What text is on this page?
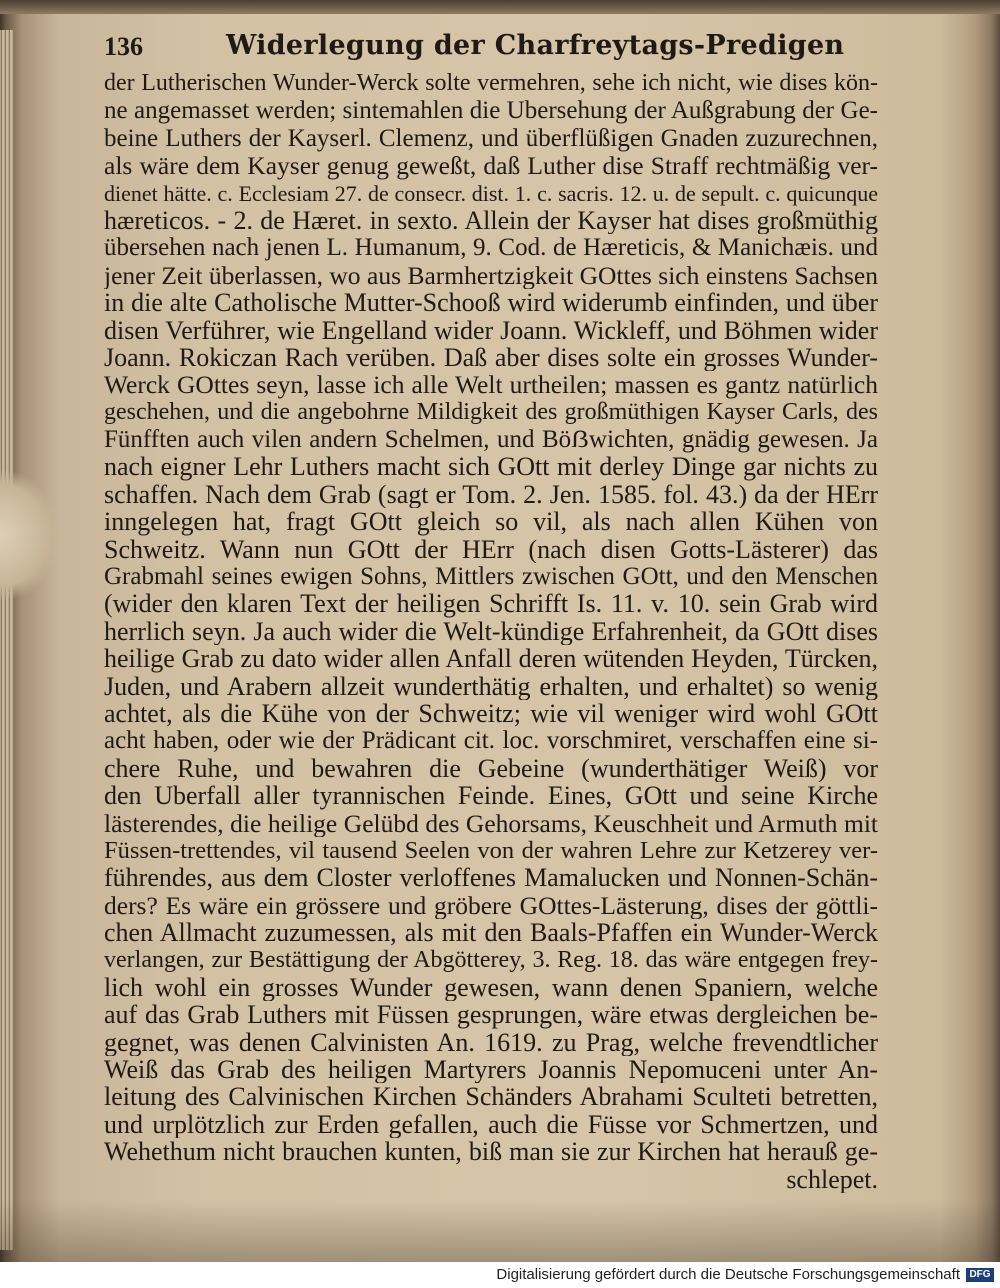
136	Widerlegung der Charfreytags-Predigen
der Lutherischen Wunder-Werck solte vermehren, sehe ich nicht, wie dises kön-
ne angemasset werden; sintemahlen die Ubersehung der Außgrabung der Ge-
beine Luthers der Kayserl. Clemenz, und überflüßigen Gnaden zuzurechnen,
als wäre dem Kayser genug geweßt, daß Luther dise Straff rechtmäßig ver-
dienet hätte. c. Ecclesiam 27. de consecr. dist. 1. c. sacris. 12. u. de sepult. c. quicunque
hæreticos. - 2. de Hæret. in sexto. Allein der Kayser hat dises großmüthig
übersehen nach jenen L. Humanum, 9. Cod. de Hæreticis, & Manichæis. und
jener Zeit überlassen, wo aus Barmhertzigkeit GOttes sich einstens Sachsen
in die alte Catholische Mutter-Schooß wird widerumb einfinden, und über
disen Verführer, wie Engelland wider Joann. Wickleff, und Böhmen wider
Joann. Rokiczan Rach verüben. Daß aber dises solte ein grosses Wunder-
Werck GOttes seyn, lasse ich alle Welt urtheilen; massen es gantz natürlich
geschehen, und die angebohrne Mildigkeit des großmüthigen Kayser Carls, des
Fünfften auch vilen andern Schelmen, und Böẞwichten, gnädig gewesen. Ja
nach eigner Lehr Luthers macht sich GOtt mit derley Dinge gar nichts zu
schaffen. Nach dem Grab (sagt er Tom. 2. Jen. 1585. fol. 43.) da der HErr
inngelegen hat, fragt GOtt gleich so vil, als nach allen Kühen von
Schweitz. Wann nun GOtt der HErr (nach disen Gotts-Lästerer) das
Grabmahl seines ewigen Sohns, Mittlers zwischen GOtt, und den Menschen
(wider den klaren Text der heiligen Schrifft Is. 11. v. 10. sein Grab wird
herrlich seyn. Ja auch wider die Welt-kündige Erfahrenheit, da GOtt dises
heilige Grab zu dato wider allen Anfall deren wütenden Heyden, Türcken,
Juden, und Arabern allzeit wunderthätig erhalten, und erhaltet) so wenig
achtet, als die Kühe von der Schweitz; wie vil weniger wird wohl GOtt
acht haben, oder wie der Prädicant cit. loc. vorschmiret, verschaffen eine si-
chere Ruhe, und bewahren die Gebeine (wunderthätiger Weiß) vor
den Uberfall aller tyrannischen Feinde. Eines, GOtt und seine Kirche
lästerendes, die heilige Gelübd des Gehorsams, Keuschheit und Armuth mit
Füssen-trettendes, vil tausend Seelen von der wahren Lehre zur Ketzerey ver-
führendes, aus dem Closter verloffenes Mamalucken und Nonnen-Schän-
ders? Es wäre ein grössere und gröbere GOttes-Lästerung, dises der göttli-
chen Allmacht zuzumessen, als mit den Baals-Pfaffen ein Wunder-Werck
verlangen, zur Bestättigung der Abgötterey, 3. Reg. 18. das wäre entgegen frey-
lich wohl ein grosses Wunder gewesen, wann denen Spaniern, welche
auf das Grab Luthers mit Füssen gesprungen, wäre etwas dergleichen be-
gegnet, was denen Calvinisten An. 1619. zu Prag, welche frevendtlicher
Weiß das Grab des heiligen Martyrers Joannis Nepomuceni unter An-
leitung des Calvinischen Kirchen Schänders Abrahami Sculteti betretten,
und urplötzlich zur Erden gefallen, auch die Füsse vor Schmertzen, und
Wehethum nicht brauchen kunten, biß man sie zur Kirchen hat herauß ge-
schlepet.
Digitalisierung gefördert durch die Deutsche Forschungsgemeinschaft DFG
